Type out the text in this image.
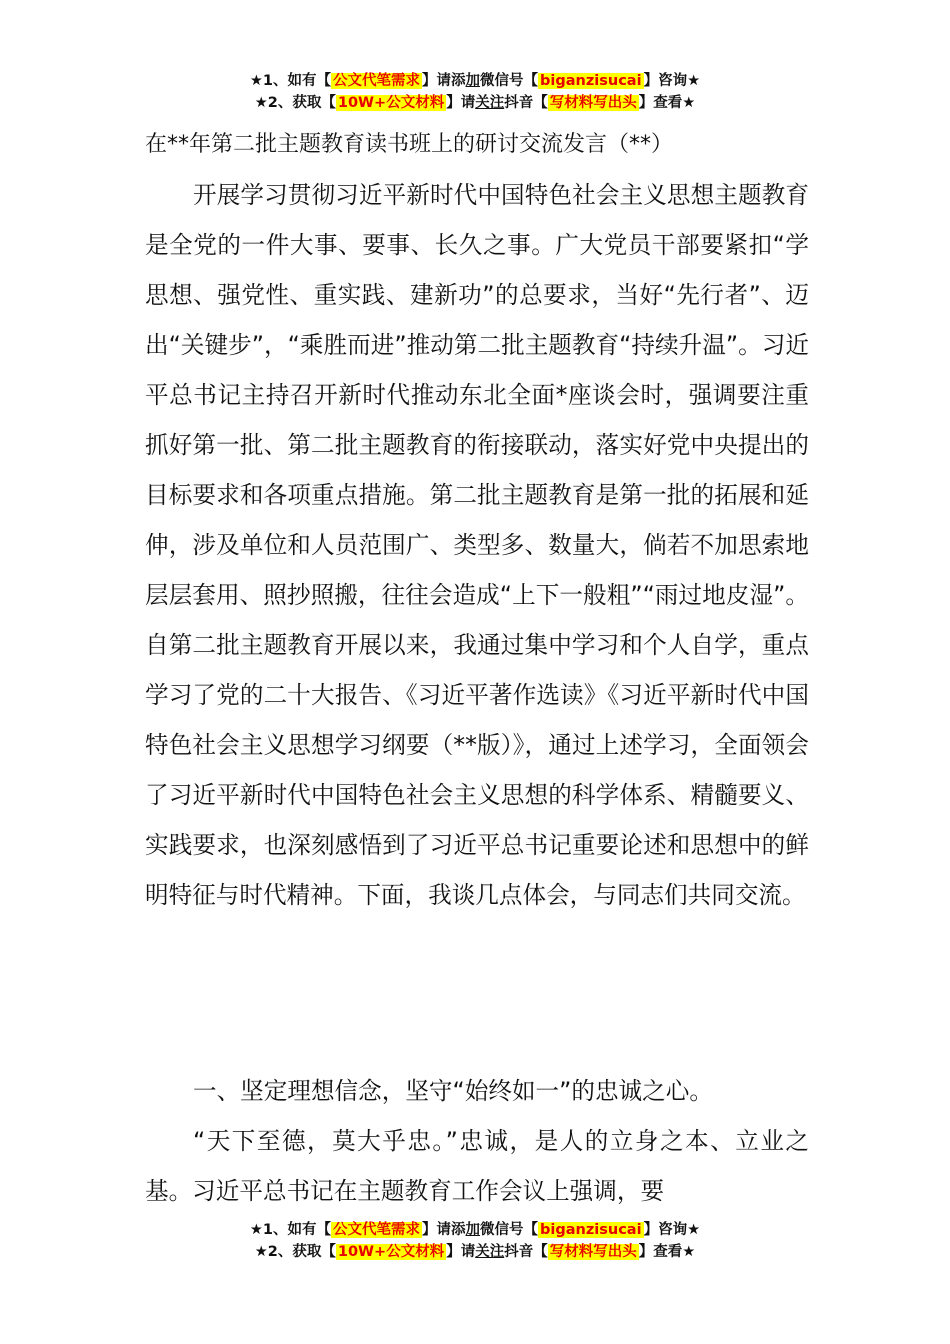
★1、如有【 公文代笔需求 】请添加微信号【 biganzisucai 】咨询★
★2、获取【 10W+公文材料 】请关注抖音【 写材料写出头 】查看★
在**年第二批主题教育读书班上的研讨交流发言（**）

开展学习贯彻习近平新时代中国特色社会主义思想主题教育是全党的一件大事、要事、长久之事。广大党员干部要紧扣“学思想、强党性、重实践、建新功”的总要求，当好“先行者”、迈出“关键步”，“乘胜而进”推动第二批主题教育“持续升温”。习近平总书记主持召开新时代推动东北全面*座谈会时，强调要注重抓好第一批、第二批主题教育的衔接联动，落实好党中央提出的目标要求和各项重点措施。第二批主题教育是第一批的拓展和延伸，涉及单位和人员范围广、类型多、数量大，倘若不加思索地层层套用、照抄照搬，往往会造成“上下一般粗”“雨过地皮湿”。自第二批主题教育开展以来，我通过集中学习和个人自学，重点学习了党的二十大报告、《习近平著作选读》《习近平新时代中国特色社会主义思想学习纲要（**版）》，通过上述学习，全面领会了习近平新时代中国特色社会主义思想的科学体系、精髓要义、实践要求，也深刻感悟到了习近平总书记重要论述和思想中的鲜明特征与时代精神。下面，我谈几点体会，与同志们共同交流。

一、坚定理想信念，坚守“始终如一”的忠诚之心。

“天下至德，莫大乎忠。”忠诚，是人的立身之本、立业之基。习近平总书记在主题教育工作会议上强调，要

★1、如有【 公文代笔需求 】请添加微信号【 biganzisucai 】咨询★
★2、获取【 10W+公文材料 】请关注抖音【 写材料写出头 】查看★
